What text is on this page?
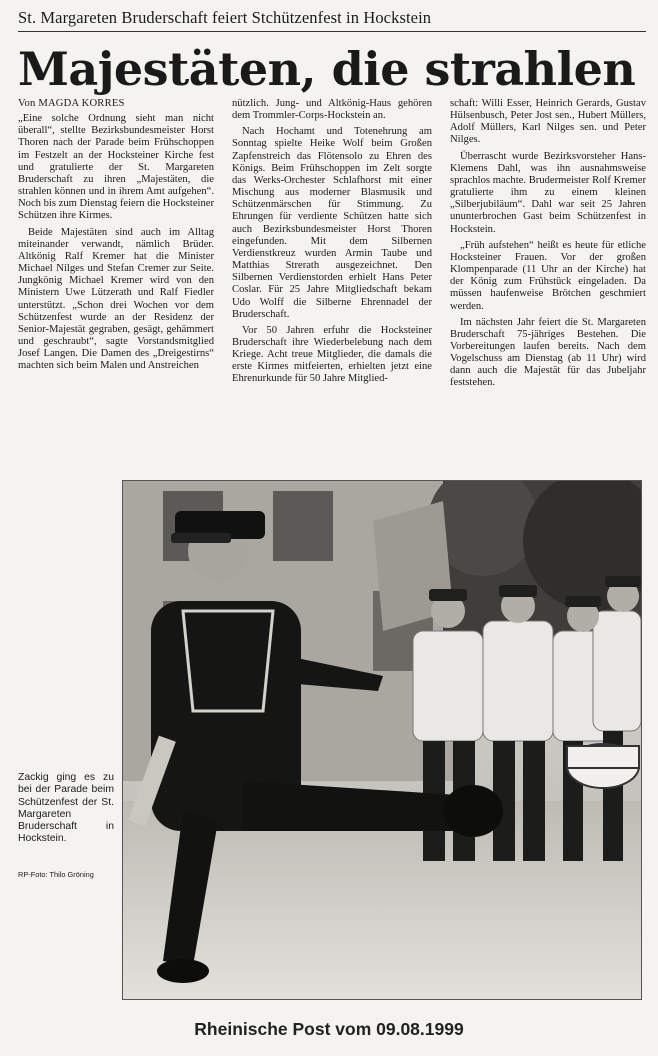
St. Margareten Bruderschaft feiert Stchützenfest in Hockstein
Majestäten, die strahlen
Von MAGDA KORRES

„Eine solche Ordnung sieht man nicht überall“, stellte Bezirksbundesmeister Horst Thoren nach der Parade beim Frühschoppen im Festzelt an der Hocksteiner Kirche fest und gratulierte der St. Margareten Bruderschaft zu ihren „Majestäten, die strahlen können und in ihrem Amt aufgehen“. Noch bis zum Dienstag feiern die Hocksteiner Schützen ihre Kirmes.

Beide Majestäten sind auch im Alltag miteinander verwandt, nämlich Brüder. Altkönig Ralf Kremer hat die Minister Michael Nilges und Stefan Cremer zur Seite. Jungkönig Michael Kremer wird von den Ministern Uwe Lützerath und Ralf Fiedler unterstützt. „Schon drei Wochen vor dem Schützenfest wurde an der Residenz der Senior-Majestät gegraben, gesägt, gehämmert und geschraubt“, sagte Vorstandsmitglied Josef Langen. Die Damen des „Dreigestirns“ machten sich beim Malen und Anstreichen

nützlich. Jung- und Altkönig-Haus gehören dem Trommler-Corps-Hockstein an.

Nach Hochamt und Totenehrung am Sonntag spielte Heike Wolf beim Großen Zapfenstreich das Flötensolo zu Ehren des Königs. Beim Frühschoppen im Zelt sorgte das Werks-Orchester Schlafhorst mit einer Mischung aus moderner Blasmusik und Schützenmärschen für Stimmung. Zu Ehrungen für verdiente Schützen hatte sich auch Bezirksbundesmeister Horst Thoren eingefunden. Mit dem Silbernen Verdienstkreuz wurden Armin Taube und Matthias Strerath ausgezeichnet. Den Silbernen Verdienstorden erhielt Hans Peter Coslar. Für 25 Jahre Mitgliedschaft bekam Udo Wolff die Silberne Ehrennadel der Bruderschaft.

Vor 50 Jahren erfuhr die Hocksteiner Bruderschaft ihre Wiederbelebung nach dem Kriege. Acht treue Mitglieder, die damals die erste Kirmes mitfeierten, erhielten jetzt eine Ehrenurkunde für 50 Jahre Mitglied-

schaft: Willi Esser, Heinrich Gerards, Gustav Hülsenbusch, Peter Jost sen., Hubert Müllers, Adolf Müllers, Karl Nilges sen. und Peter Nilges.

Überrascht wurde Bezirksvorsteher Hans-Klemens Dahl, was ihn ausnahmsweise sprachlos machte. Brudermeister Rolf Kremer gratulierte ihm zu einem kleinen „Silberjubiläum“. Dahl war seit 25 Jahren ununterbrochen Gast beim Schützenfest in Hockstein.

„Früh aufstehen“ heißt es heute für etliche Hocksteiner Frauen. Vor der großen Klompenparade (11 Uhr an der Kirche) hat der König zum Frühstück eingeladen. Da müssen haufenweise Brötchen geschmiert werden.

Im nächsten Jahr feiert die St. Margareten Bruderschaft 75-jähriges Bestehen. Die Vorbereitungen laufen bereits. Nach dem Vogelschuss am Dienstag (ab 11 Uhr) wird dann auch die Majestät für das Jubeljahr feststehen.

Zackig ging es zu bei der Parade beim Schützenfest der St. Margareten Bruderschaft in Hockstein.
RP-Foto: Thilo Gröning
Rheinische Post vom 09.08.1999
